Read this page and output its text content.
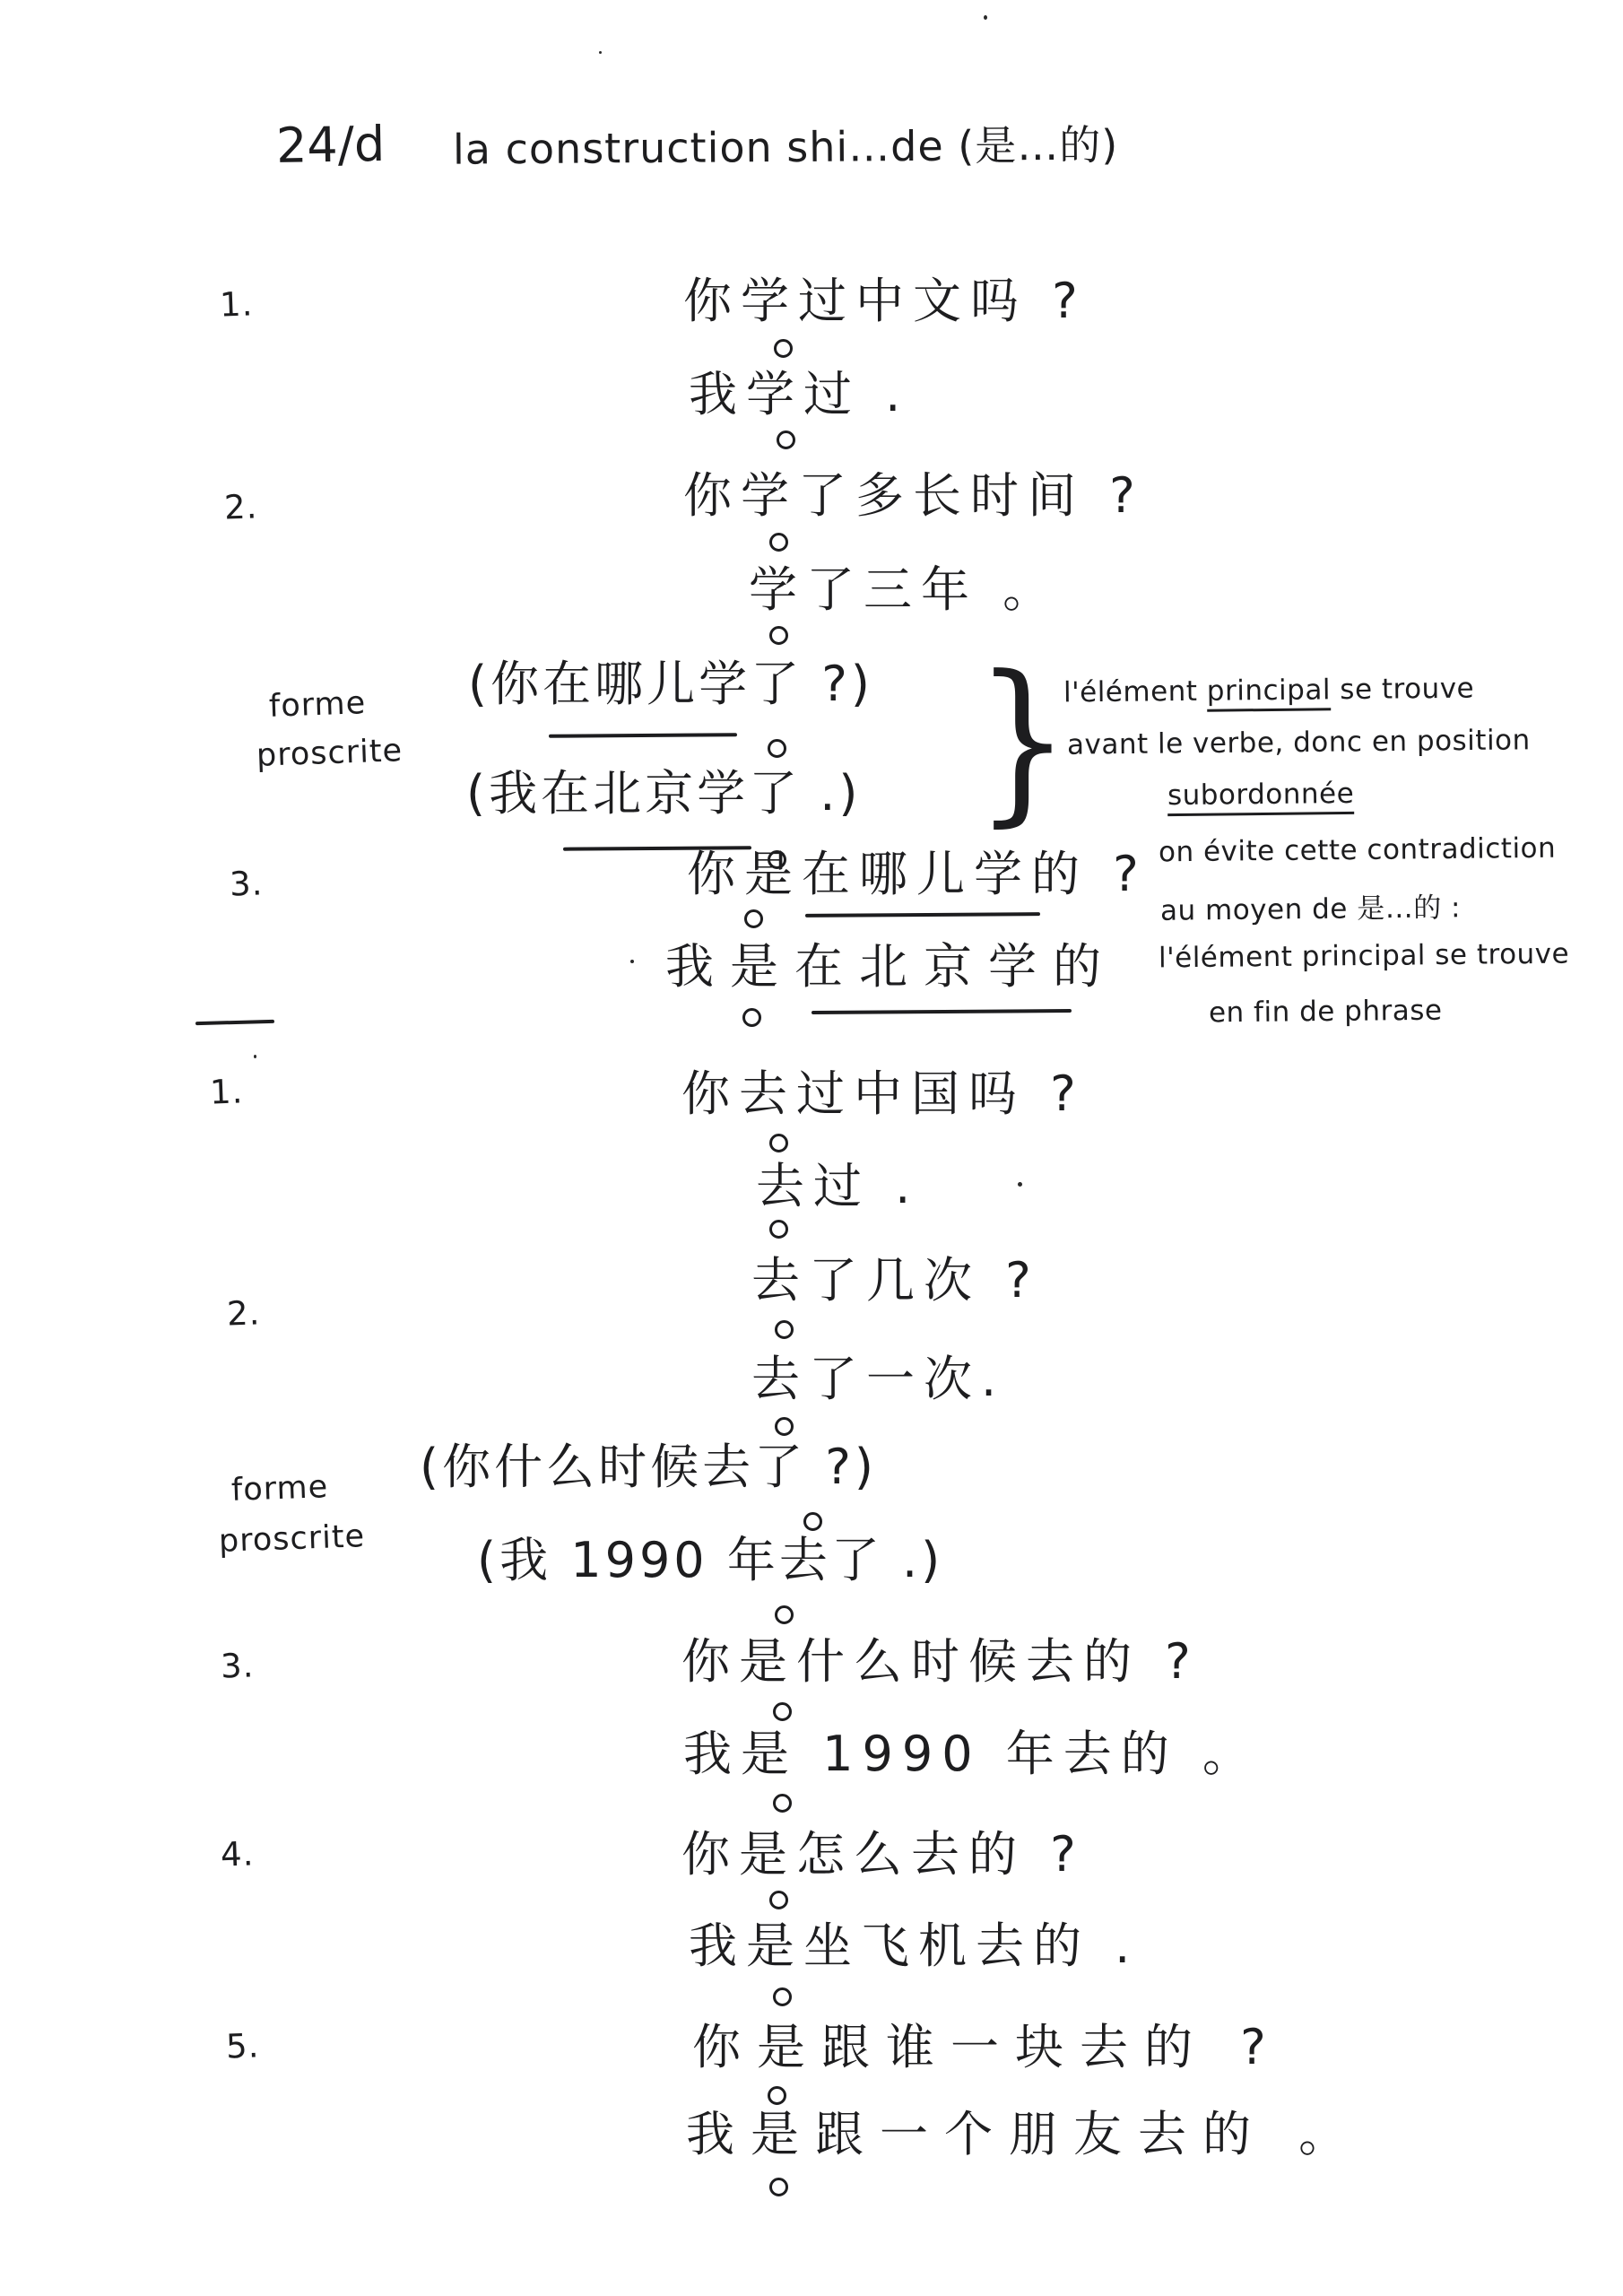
24/d la construction shi…de (是…的)
1.	你学过中文吗 ?
我学过 .
2.	你学了多长时间 ?
学了三年 。
forme
proscrite
(你在哪儿学了 ?)
(我在北京学了 .) }
l'élément principal se trouve
avant le verbe, donc en position
subordonnée
3.	你是在哪儿学的 ?
我是在北京学的
on évite cette contradiction
au moyen de 是…的 :
l'élément principal se trouve
en fin de phrase
1.	你去过中国吗 ?
去过 .
2.
去了几次 ?
去了一次.
forme
proscrite
(你什么时候去了 ?)
(我 1990 年去了 .)
3.	你是什么时候去的 ?
我是 1990 年去的 。
4.	你是怎么去的 ?
我是坐飞机去的 .
5.	你是跟谁一块去的 ?
我是跟一个朋友去的 。
